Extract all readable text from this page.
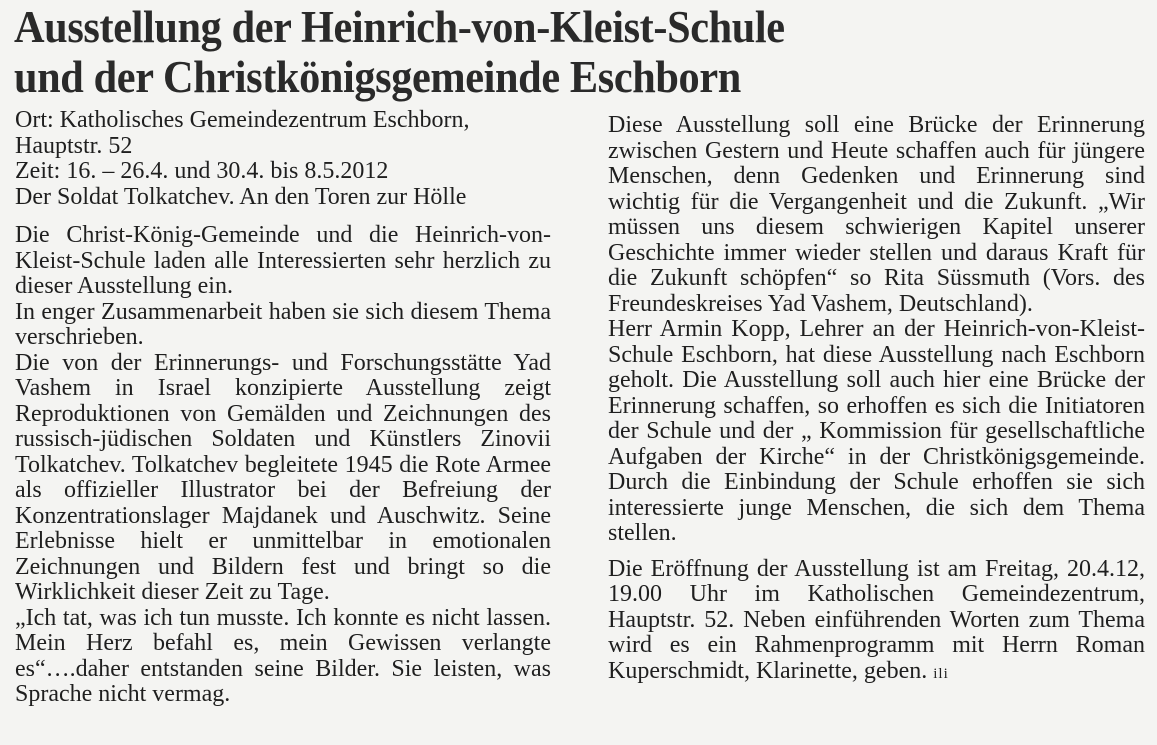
Ausstellung der Heinrich-von-Kleist-Schule
und der Christkönigsgemeinde Eschborn
Ort: Katholisches Gemeindezentrum Eschborn,
Hauptstr. 52
Zeit: 16. – 26.4. und 30.4. bis 8.5.2012
Der Soldat Tolkatchev. An den Toren zur Hölle

Die Christ-König-Gemeinde und die Heinrich-von-Kleist-Schule laden alle Interessierten sehr herzlich zu dieser Ausstellung ein.

In enger Zusammenarbeit haben sie sich diesem Thema verschrieben.

Die von der Erinnerungs- und Forschungsstätte Yad Vashem in Israel konzipierte Ausstellung zeigt Reproduktionen von Gemälden und Zeichnungen des russisch-jüdischen Soldaten und Künstlers Zinovii Tolkatchev. Tolkatchev begleitete 1945 die Rote Armee als offizieller Illustrator bei der Befreiung der Konzentrationslager Majdanek und Auschwitz. Seine Erlebnisse hielt er unmittelbar in emotionalen Zeichnungen und Bildern fest und bringt so die Wirklichkeit dieser Zeit zu Tage.

„Ich tat, was ich tun musste. Ich konnte es nicht lassen. Mein Herz befahl es, mein Gewissen verlangte es“….daher entstanden seine Bilder. Sie leisten, was Sprache nicht vermag.

Diese Ausstellung soll eine Brücke der Erinnerung zwischen Gestern und Heute schaffen auch für jüngere Menschen, denn Gedenken und Erinnerung sind wichtig für die Vergangenheit und die Zukunft. „Wir müssen uns diesem schwierigen Kapitel unserer Geschichte immer wieder stellen und daraus Kraft für die Zukunft schöpfen“ so Rita Süssmuth (Vors. des Freundeskreises Yad Vashem, Deutschland).

Herr Armin Kopp, Lehrer an der Heinrich-von-Kleist-Schule Eschborn, hat diese Ausstellung nach Eschborn geholt. Die Ausstellung soll auch hier eine Brücke der Erinnerung schaffen, so erhoffen es sich die Initiatoren der Schule und der „ Kommission für gesellschaftliche Aufgaben der Kirche“ in der Christkönigsgemeinde. Durch die Einbindung der Schule erhoffen sie sich interessierte junge Menschen, die sich dem Thema stellen.

Die Eröffnung der Ausstellung ist am Freitag, 20.4.12, 19.00 Uhr im Katholischen Gemeindezentrum, Hauptstr. 52. Neben einführenden Worten zum Thema wird es ein Rahmenprogramm mit Herrn Roman Kuperschmidt, Klarinette, geben. ili
